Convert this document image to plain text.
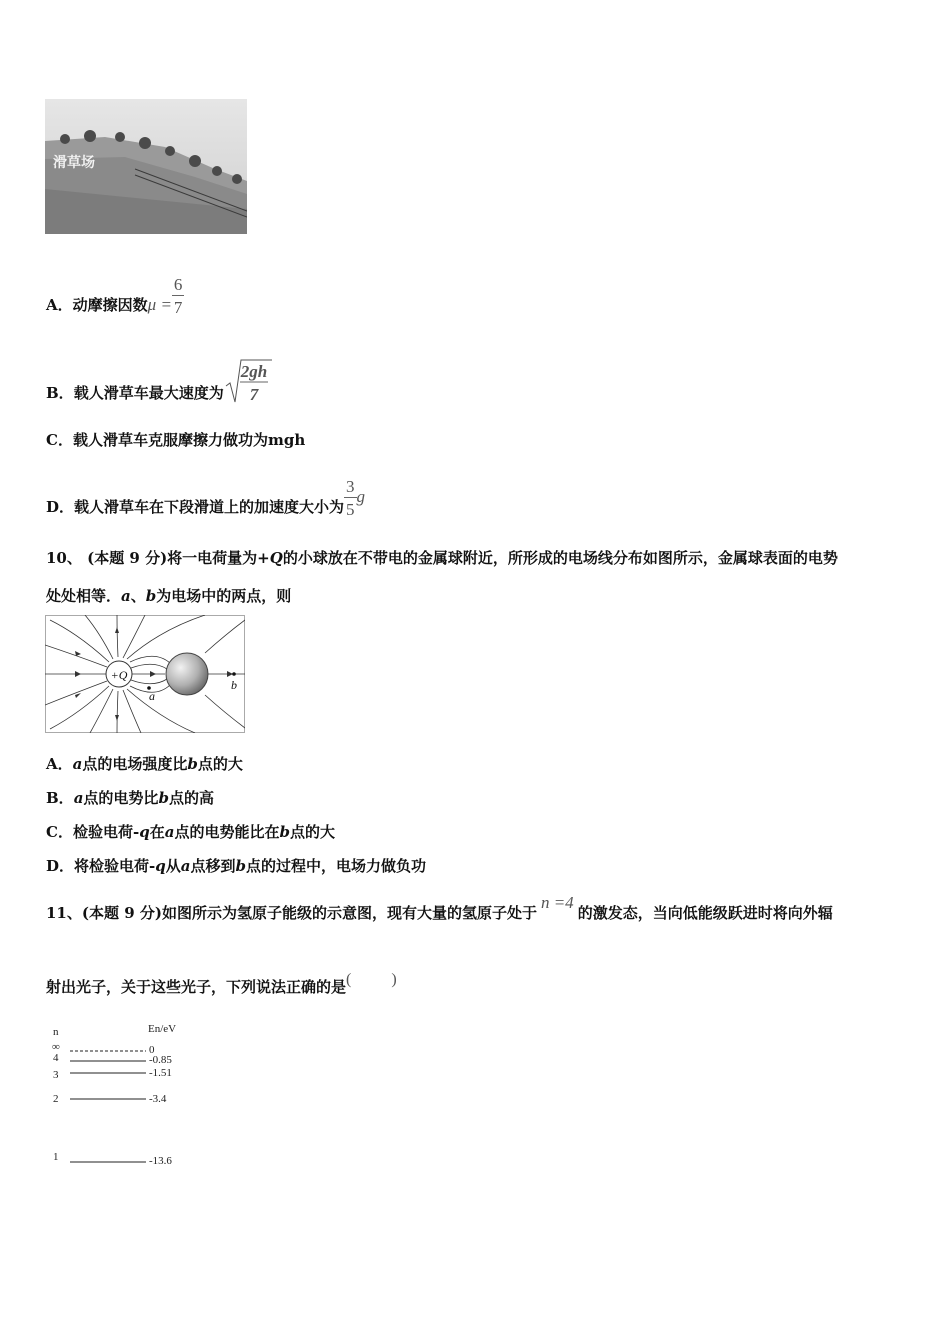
滑草场
A．动摩擦因数$\mu = \frac{6}{7}$
B．载人滑草车最大速度为
2gh
7
C．载人滑草车克服摩擦力做功为mgh
D．载人滑草车在下段滑道上的加速度大小为 $\frac{3}{5}$ g
10、 (本题 9 分)将一电荷量为+Q的小球放在不带电的金属球附近，所形成的电场线分布如图所示，金属球表面的电势
处处相等．a、b为电场中的两点，则
+Q
a
b
A．a点的电场强度比b点的大
B．a点的电势比b点的高
C．检验电荷-q在a点的电势能比在b点的大
D．将检验电荷-q从a点移到b点的过程中，电场力做负功
11、(本题 9 分)如图所示为氢原子能级的示意图，现有大量的氢原子处于n =4的激发态，当向低能级跃进时将向外辐
射出光子，关于这些光子，下列说法正确的是(	)
n	En/eV
∞	0
4	-0.85
3	-1.51
2	-3.4
1	-13.6
